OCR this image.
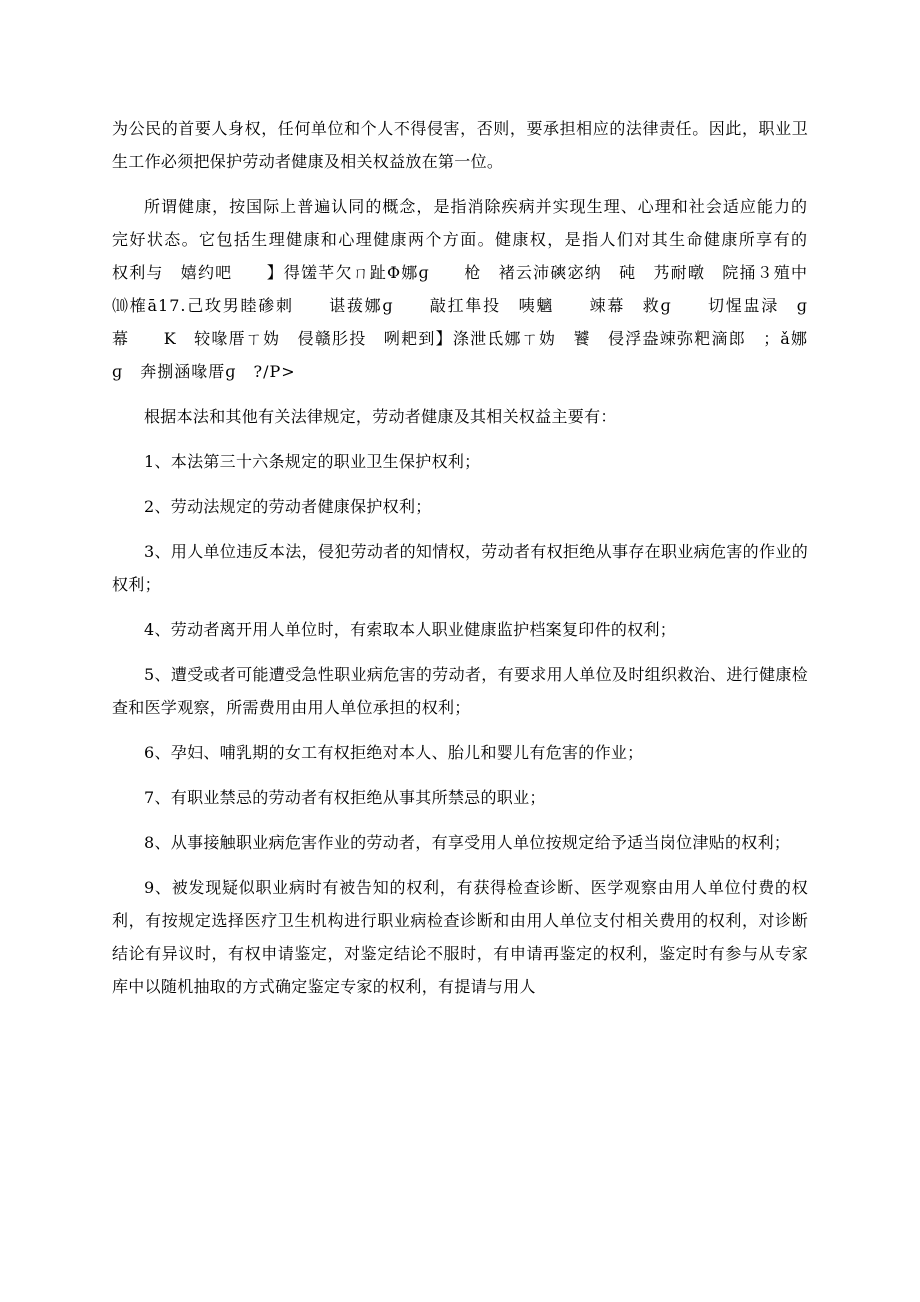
为公民的首要人身权，任何单位和个人不得侵害，否则，要承担相应的法律责任。因此，职业卫生工作必须把保护劳动者健康及相关权益放在第一位。

所谓健康，按国际上普遍认同的概念，是指消除疾病并实现生理、心理和社会适应能力的完好状态。它包括生理健康和心理健康两个方面。健康权，是指人们对其生命健康所享有的权利与　嬉约吧　　】得馐芊欠ㄇ趾Φ娜ɡ　　枪　褚云沛磢宓纳　砘　艿耐暾　院捅３殖中　⑽榷ā17.己玫男睦碜刺　　谌菝娜ɡ　　敲扛隼投　咦魑　　竦幕　救ɡ　　切惺盅渌　ɡ　幕　　K　较喙厝ㄒ妫　侵赣肜投　咧耙到】涤泄氐娜ㄒ妫　饕　侵浮盎竦弥粑滴郎　；ǎ娜ɡ　奔捌涵喙厝ɡ　?/P>

根据本法和其他有关法律规定，劳动者健康及其相关权益主要有：

1、本法第三十六条规定的职业卫生保护权利；

2、劳动法规定的劳动者健康保护权利；

3、用人单位违反本法，侵犯劳动者的知情权，劳动者有权拒绝从事存在职业病危害的作业的权利；

4、劳动者离开用人单位时，有索取本人职业健康监护档案复印件的权利；

5、遭受或者可能遭受急性职业病危害的劳动者，有要求用人单位及时组织救治、进行健康检查和医学观察，所需费用由用人单位承担的权利；

6、孕妇、哺乳期的女工有权拒绝对本人、胎儿和婴儿有危害的作业；

7、有职业禁忌的劳动者有权拒绝从事其所禁忌的职业；

8、从事接触职业病危害作业的劳动者，有享受用人单位按规定给予适当岗位津贴的权利；

9、被发现疑似职业病时有被告知的权利，有获得检查诊断、医学观察由用人单位付费的权利，有按规定选择医疗卫生机构进行职业病检查诊断和由用人单位支付相关费用的权利，对诊断结论有异议时，有权申请鉴定，对鉴定结论不服时，有申请再鉴定的权利，鉴定时有参与从专家库中以随机抽取的方式确定鉴定专家的权利，有提请与用人
